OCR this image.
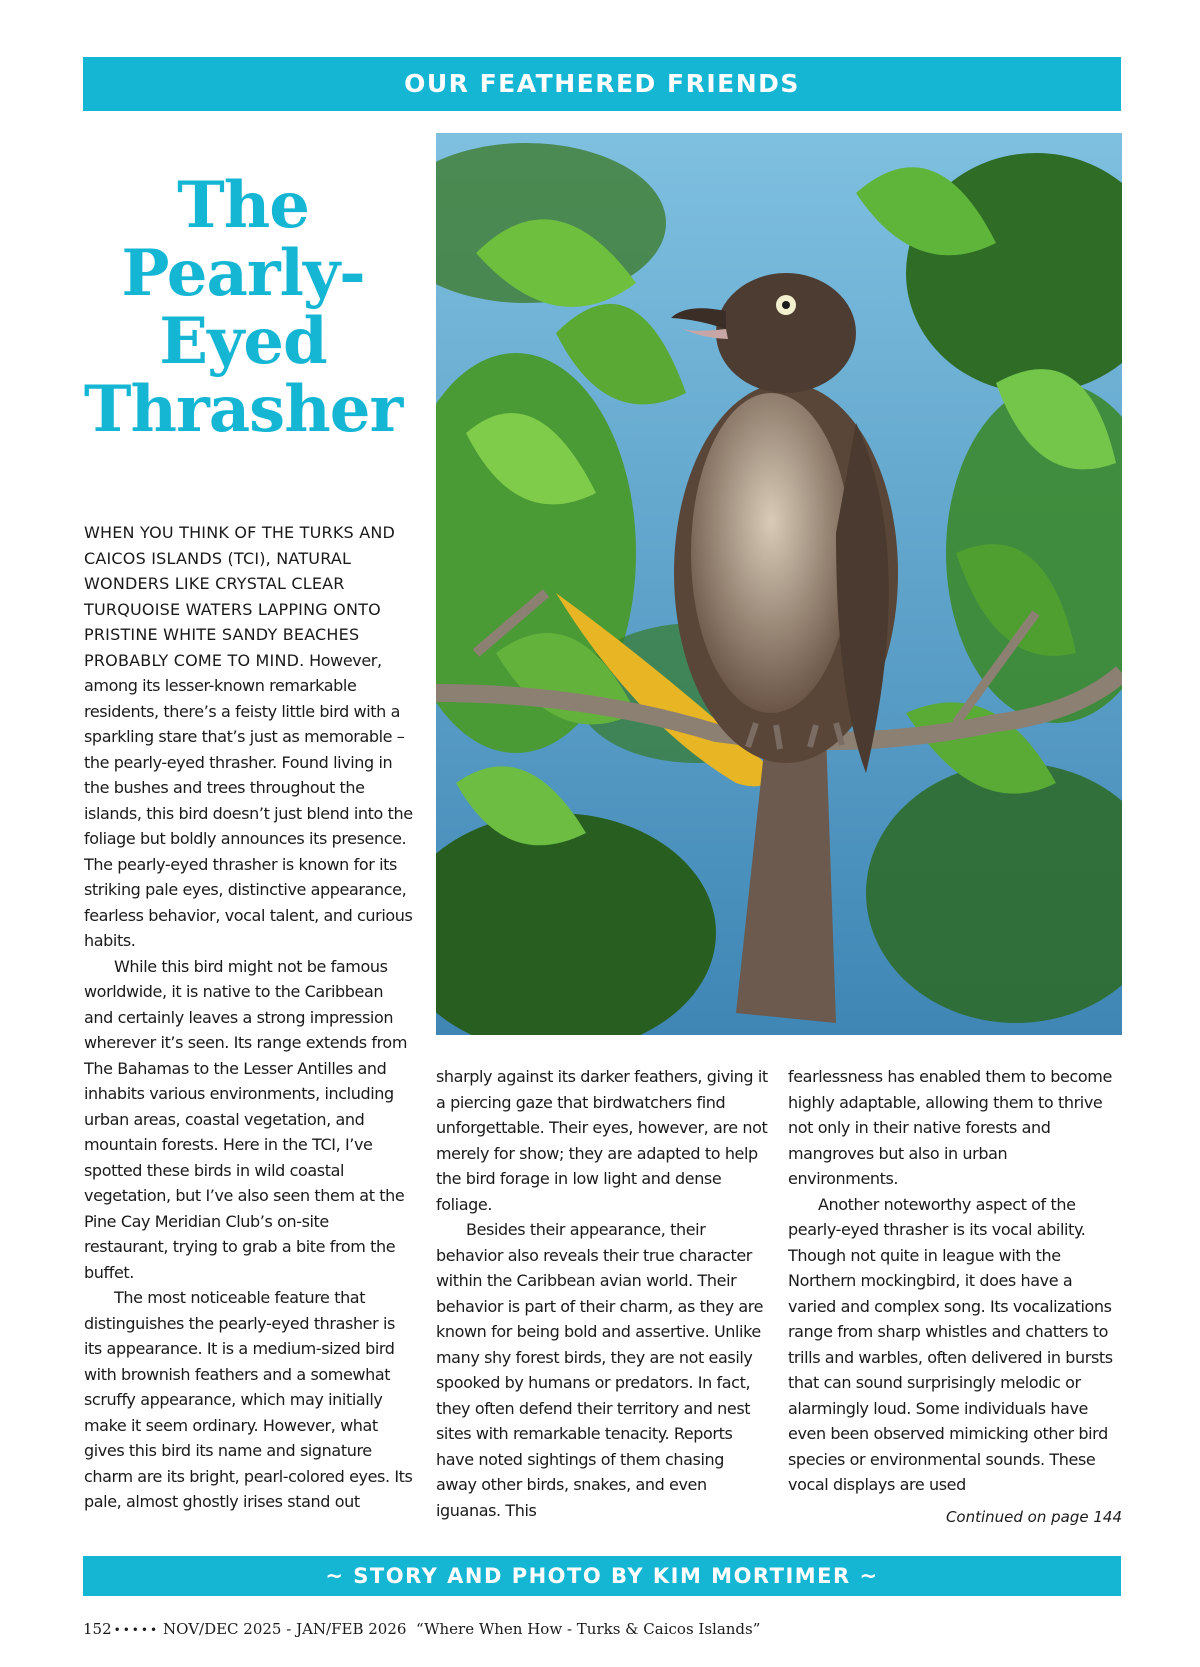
OUR FEATHERED FRIENDS
The
Pearly-
Eyed
Thrasher

WHEN YOU THINK OF THE TURKS AND CAICOS ISLANDS (TCI), NATURAL WONDERS LIKE CRYSTAL CLEAR TURQUOISE WATERS LAPPING ONTO PRISTINE WHITE SANDY BEACHES PROBABLY COME TO MIND. However, among its lesser-known remarkable residents, there’s a feisty little bird with a sparkling stare that’s just as memorable – the pearly-eyed thrasher. Found living in the bushes and trees throughout the islands, this bird doesn’t just blend into the foliage but boldly announces its presence. The pearly-eyed thrasher is known for its striking pale eyes, distinctive appearance, fearless behavior, vocal talent, and curious habits.

While this bird might not be famous worldwide, it is native to the Caribbean and certainly leaves a strong impression wherever it’s seen. Its range extends from The Bahamas to the Lesser Antilles and inhabits various environments, including urban areas, coastal vegetation, and mountain forests. Here in the TCI, I’ve spotted these birds in wild coastal vegetation, but I’ve also seen them at the Pine Cay Meridian Club’s on-site restaurant, trying to grab a bite from the buffet.

The most noticeable feature that distinguishes the pearly-eyed thrasher is its appearance. It is a medium-sized bird with brownish feathers and a somewhat scruffy appearance, which may initially make it seem ordinary. However, what gives this bird its name and signature charm are its bright, pearl-colored eyes. Its pale, almost ghostly irises stand out

sharply against its darker feathers, giving it a piercing gaze that birdwatchers find unforgettable. Their eyes, however, are not merely for show; they are adapted to help the bird forage in low light and dense foliage.

Besides their appearance, their behavior also reveals their true character within the Caribbean avian world. Their behavior is part of their charm, as they are known for being bold and assertive. Unlike many shy forest birds, they are not easily spooked by humans or predators. In fact, they often defend their territory and nest sites with remarkable tenacity. Reports have noted sightings of them chasing away other birds, snakes, and even iguanas. This

fearlessness has enabled them to become highly adaptable, allowing them to thrive not only in their native forests and mangroves but also in urban environments.

Another noteworthy aspect of the pearly-eyed thrasher is its vocal ability. Though not quite in league with the Northern mockingbird, it does have a varied and complex song. Its vocalizations range from sharp whistles and chatters to trills and warbles, often delivered in bursts that can sound surprisingly melodic or alarmingly loud. Some individuals have even been observed mimicking other bird species or environmental sounds. These vocal displays are used

Continued on page 144
~ STORY AND PHOTO BY KIM MORTIMER ~
152 ••••• NOV/DEC 2025 - JAN/FEB 2026 “Where When How - Turks & Caicos Islands”
